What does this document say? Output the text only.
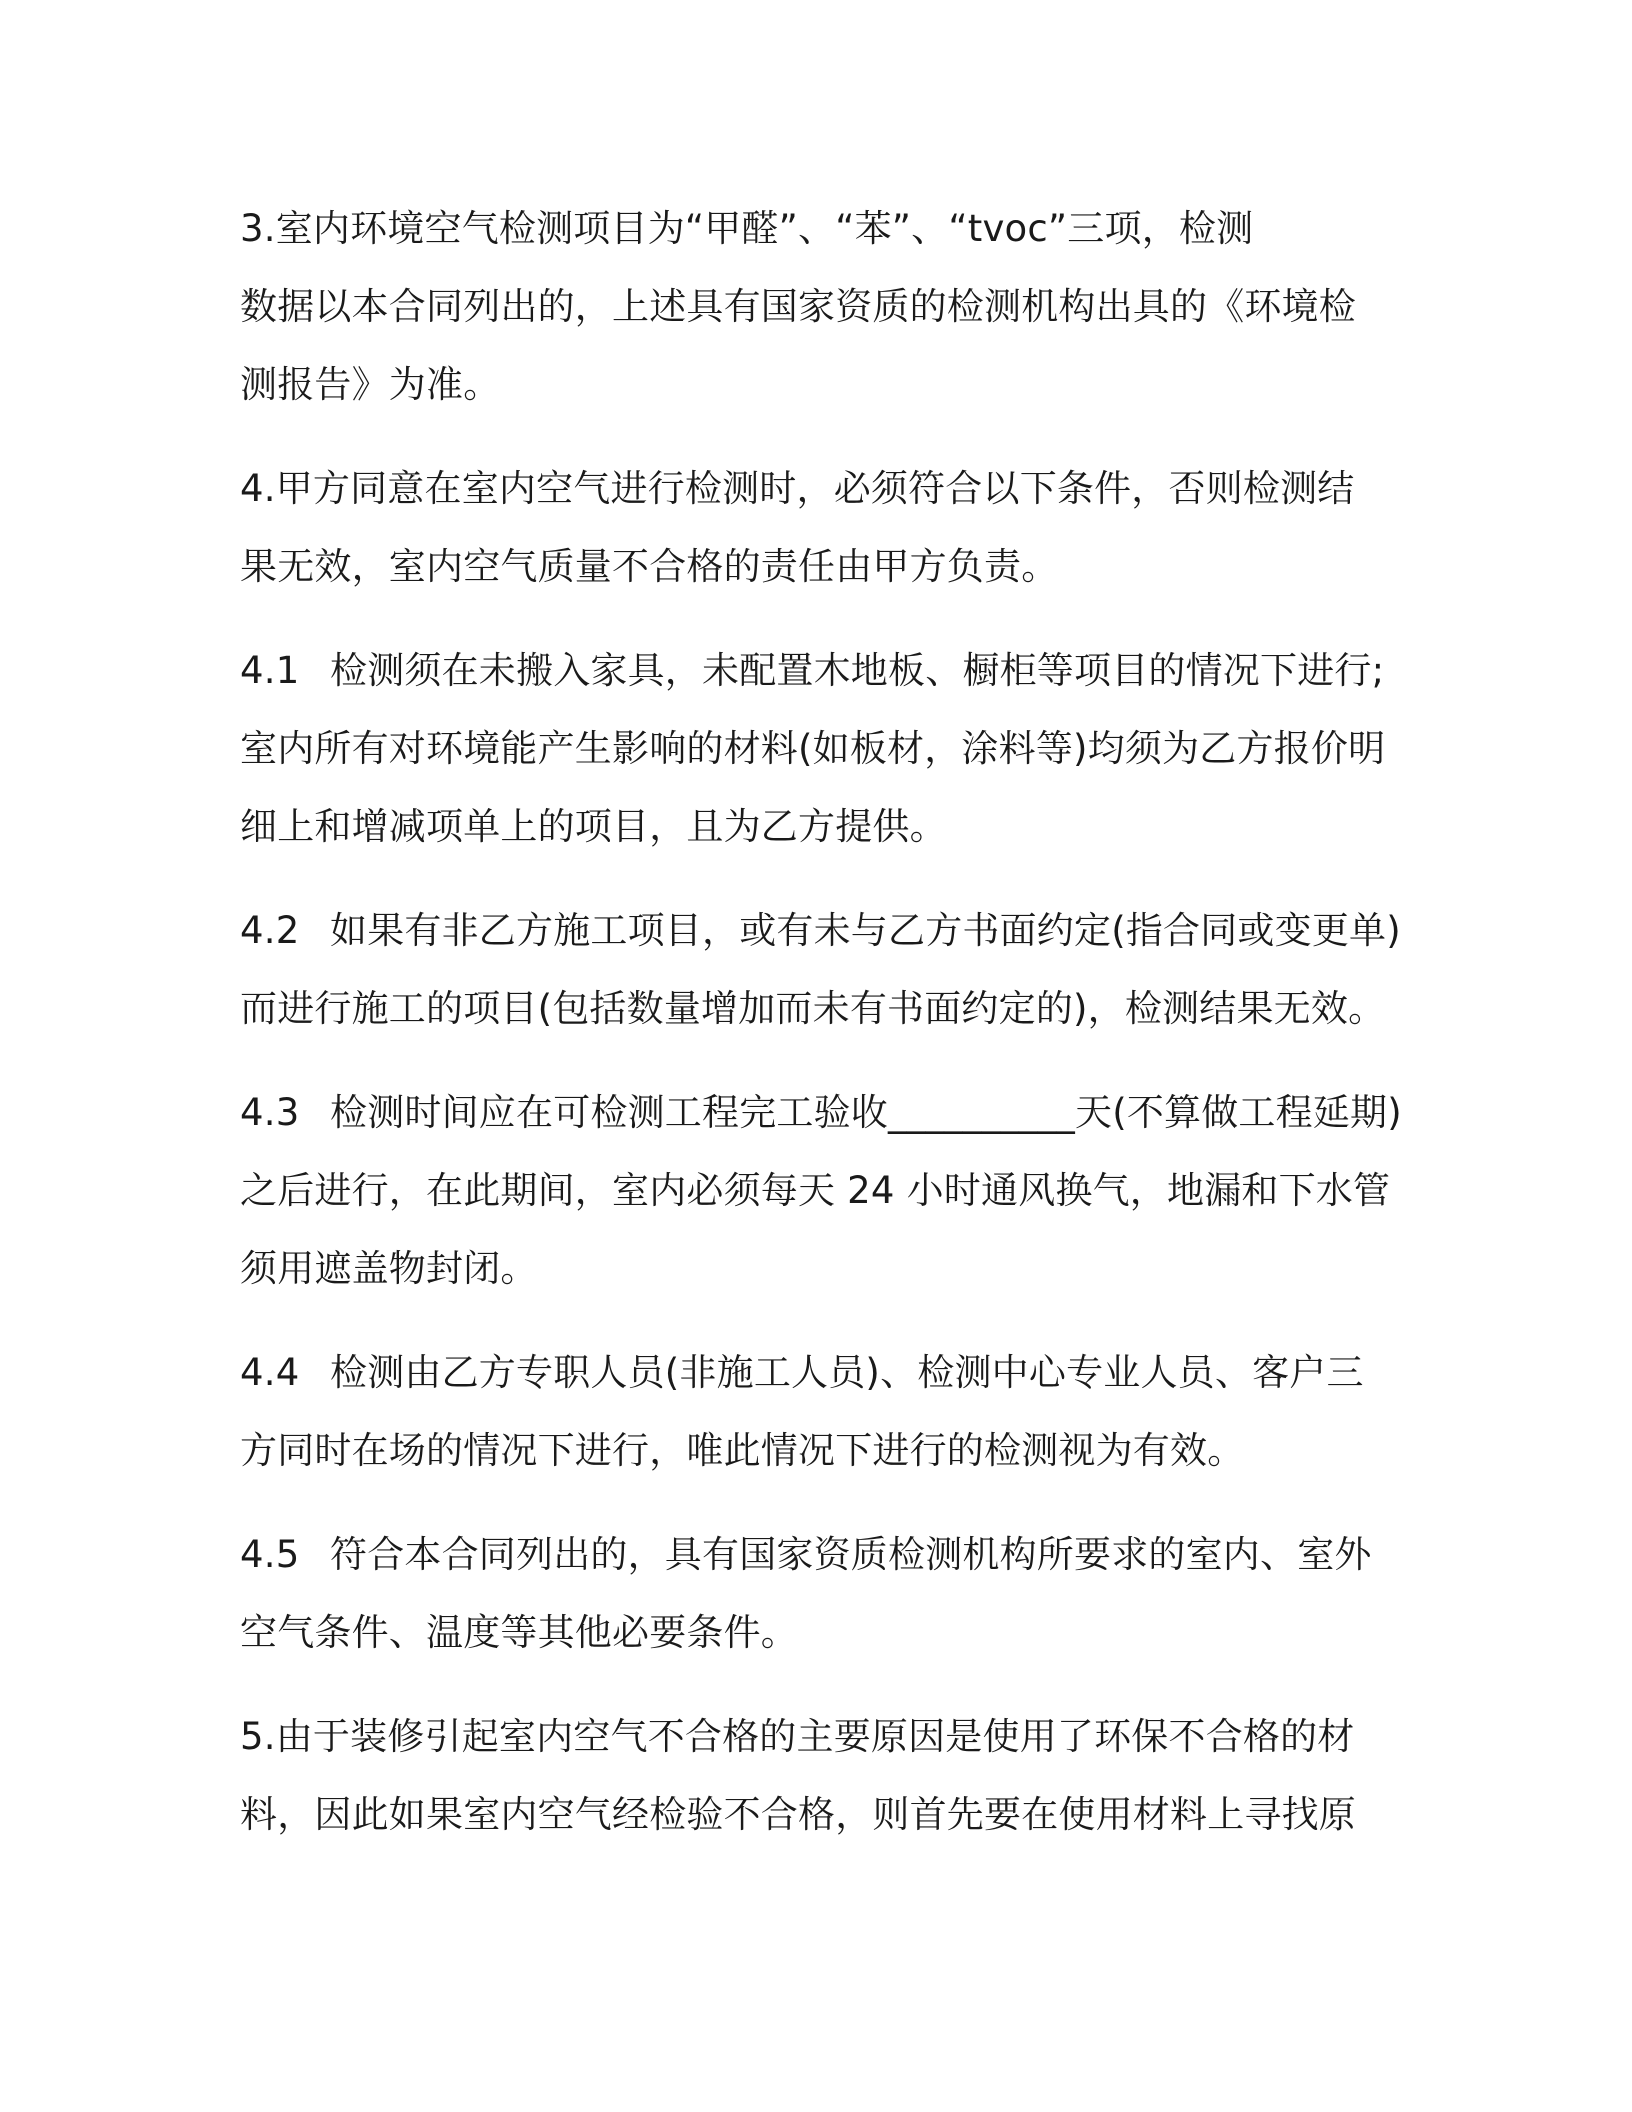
3.室内环境空气检测项目为“甲醛”、“苯”、“tvoc”三项，检测
数据以本合同列出的，上述具有国家资质的检测机构出具的《环境检
测报告》为准。
4.甲方同意在室内空气进行检测时，必须符合以下条件，否则检测结
果无效，室内空气质量不合格的责任由甲方负责。
4.1 检测须在未搬入家具，未配置木地板、橱柜等项目的情况下进行;
室内所有对环境能产生影响的材料(如板材，涂料等)均须为乙方报价明
细上和增减项单上的项目，且为乙方提供。
4.2 如果有非乙方施工项目，或有未与乙方书面约定(指合同或变更单)
而进行施工的项目(包括数量增加而未有书面约定的)，检测结果无效。
4.3 检测时间应在可检测工程完工验收__________天(不算做工程延期)
之后进行，在此期间，室内必须每天 24 小时通风换气，地漏和下水管
须用遮盖物封闭。
4.4 检测由乙方专职人员(非施工人员)、检测中心专业人员、客户三
方同时在场的情况下进行，唯此情况下进行的检测视为有效。
4.5 符合本合同列出的，具有国家资质检测机构所要求的室内、室外
空气条件、温度等其他必要条件。
5.由于装修引起室内空气不合格的主要原因是使用了环保不合格的材
料，因此如果室内空气经检验不合格，则首先要在使用材料上寻找原
